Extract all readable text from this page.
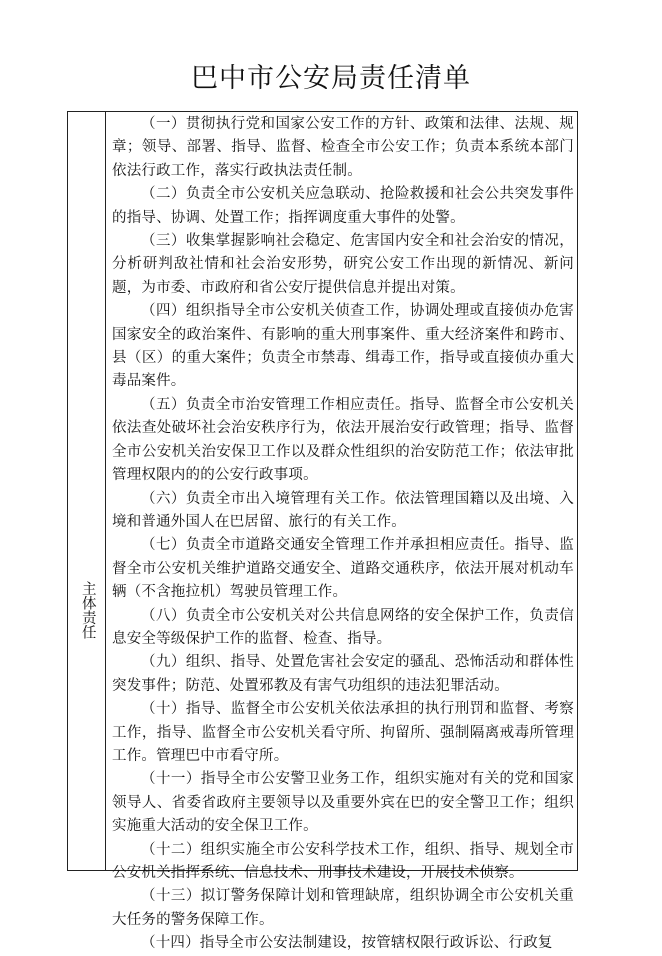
巴中市公安局责任清单
主体责任

（一）贯彻执行党和国家公安工作的方针、政策和法律、法规、规章；领导、部署、指导、监督、检查全市公安工作；负责本系统本部门依法行政工作，落实行政执法责任制。

（二）负责全市公安机关应急联动、抢险救援和社会公共突发事件的指导、协调、处置工作；指挥调度重大事件的处警。

（三）收集掌握影响社会稳定、危害国内安全和社会治安的情况，分析研判敌社情和社会治安形势，研究公安工作出现的新情况、新问题，为市委、市政府和省公安厅提供信息并提出对策。

（四）组织指导全市公安机关侦查工作，协调处理或直接侦办危害国家安全的政治案件、有影响的重大刑事案件、重大经济案件和跨市、县（区）的重大案件；负责全市禁毒、缉毒工作，指导或直接侦办重大毒品案件。

（五）负责全市治安管理工作相应责任。指导、监督全市公安机关依法查处破坏社会治安秩序行为，依法开展治安行政管理；指导、监督全市公安机关治安保卫工作以及群众性组织的治安防范工作；依法审批管理权限内的的公安行政事项。

（六）负责全市出入境管理有关工作。依法管理国籍以及出境、入境和普通外国人在巴居留、旅行的有关工作。

（七）负责全市道路交通安全管理工作并承担相应责任。指导、监督全市公安机关维护道路交通安全、道路交通秩序，依法开展对机动车辆（不含拖拉机）驾驶员管理工作。

（八）负责全市公安机关对公共信息网络的安全保护工作，负责信息安全等级保护工作的监督、检查、指导。

（九）组织、指导、处置危害社会安定的骚乱、恐怖活动和群体性突发事件；防范、处置邪教及有害气功组织的违法犯罪活动。

（十）指导、监督全市公安机关依法承担的执行刑罚和监督、考察工作，指导、监督全市公安机关看守所、拘留所、强制隔离戒毒所管理工作。管理巴中市看守所。

（十一）指导全市公安警卫业务工作，组织实施对有关的党和国家领导人、省委省政府主要领导以及重要外宾在巴的安全警卫工作；组织实施重大活动的安全保卫工作。

（十二）组织实施全市公安科学技术工作，组织、指导、规划全市公安机关指挥系统、信息技术、刑事技术建设，开展技术侦察。

（十三）拟订警务保障计划和管理缺席，组织协调全市公安机关重大任务的警务保障工作。

（十四）指导全市公安法制建设，按管辖权限行政诉讼、行政复
